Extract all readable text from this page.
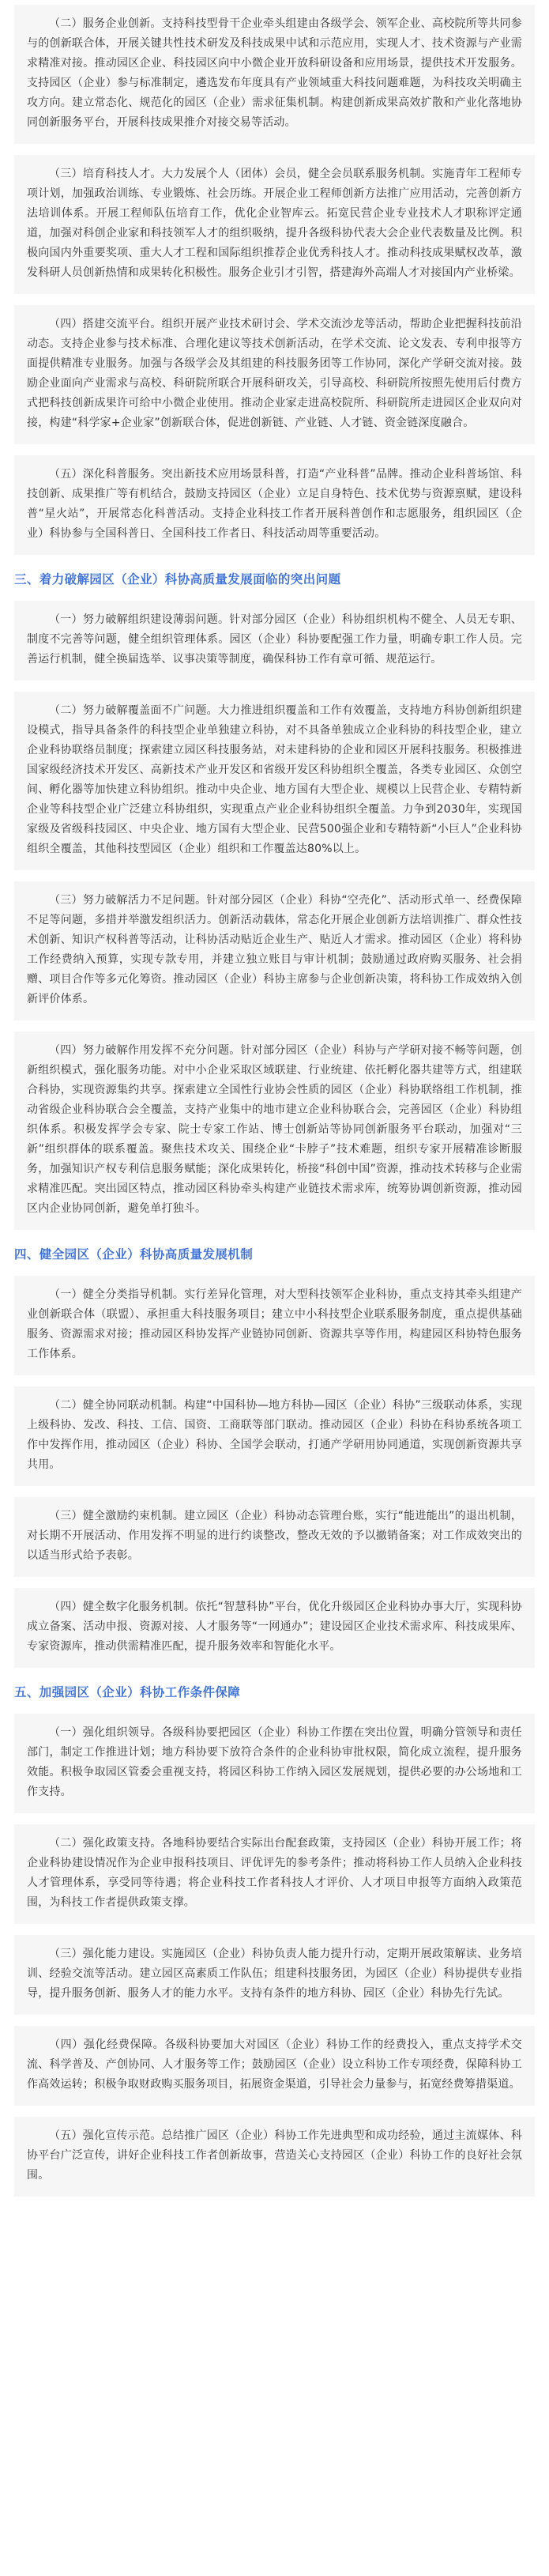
（二）服务企业创新。支持科技型骨干企业牵头组建由各级学会、领军企业、高校院所等共同参与的创新联合体，开展关键共性技术研发及科技成果中试和示范应用，实现人才、技术资源与产业需求精准对接。推动园区企业、科技园区向中小微企业开放科研设备和应用场景，提供技术开发服务。支持园区（企业）参与标准制定，遴选发布年度具有产业领域重大科技问题难题，为科技攻关明确主攻方向。建立常态化、规范化的园区（企业）需求征集机制。构建创新成果高效扩散和产业化落地协同创新服务平台，开展科技成果推介对接交易等活动。

（三）培育科技人才。大力发展个人（团体）会员，健全会员联系服务机制。实施青年工程师专项计划，加强政治训练、专业锻炼、社会历练。开展企业工程师创新方法推广应用活动，完善创新方法培训体系。开展工程师队伍培育工作，优化企业智库云。拓宽民营企业专业技术人才职称评定通道，加强对科创企业家和科技领军人才的组织吸纳，提升各级科协代表大会企业代表数量及比例。积极向国内外重要奖项、重大人才工程和国际组织推荐企业优秀科技人才。推动科技成果赋权改革，激发科研人员创新热情和成果转化积极性。服务企业引才引智，搭建海外高端人才对接国内产业桥梁。

（四）搭建交流平台。组织开展产业技术研讨会、学术交流沙龙等活动，帮助企业把握科技前沿动态。支持企业参与技术标准、合理化建议等技术创新活动，在学术交流、论文发表、专利申报等方面提供精准专业服务。加强与各级学会及其组建的科技服务团等工作协同，深化产学研交流对接。鼓励企业面向产业需求与高校、科研院所联合开展科研攻关，引导高校、科研院所按照先使用后付费方式把科技创新成果许可给中小微企业使用。推动企业家走进高校院所、科研院所走进园区企业双向对接，构建“科学家+企业家”创新联合体，促进创新链、产业链、人才链、资金链深度融合。

（五）深化科普服务。突出新技术应用场景科普，打造“产业科普”品牌。推动企业科普场馆、科技创新、成果推广等有机结合，鼓励支持园区（企业）立足自身特色、技术优势与资源禀赋，建设科普“星火站”，开展常态化科普活动。支持企业科技工作者开展科普创作和志愿服务，组织园区（企业）科协参与全国科普日、全国科技工作者日、科技活动周等重要活动。

三、着力破解园区（企业）科协高质量发展面临的突出问题

（一）努力破解组织建设薄弱问题。针对部分园区（企业）科协组织机构不健全、人员无专职、制度不完善等问题，健全组织管理体系。园区（企业）科协要配强工作力量，明确专职工作人员。完善运行机制，健全换届选举、议事决策等制度，确保科协工作有章可循、规范运行。

（二）努力破解覆盖面不广问题。大力推进组织覆盖和工作有效覆盖，支持地方科协创新组织建设模式，指导具备条件的科技型企业单独建立科协，对不具备单独成立企业科协的科技型企业，建立企业科协联络员制度；探索建立园区科技服务站，对未建科协的企业和园区开展科技服务。积极推进国家级经济技术开发区、高新技术产业开发区和省级开发区科协组织全覆盖，各类专业园区、众创空间、孵化器等加快建立科协组织。推动中央企业、地方国有大型企业、规模以上民营企业、专精特新企业等科技型企业广泛建立科协组织，实现重点产业企业科协组织全覆盖。力争到2030年，实现国家级及省级科技园区、中央企业、地方国有大型企业、民营500强企业和专精特新“小巨人”企业科协组织全覆盖，其他科技型园区（企业）组织和工作覆盖达80%以上。

（三）努力破解活力不足问题。针对部分园区（企业）科协“空壳化”、活动形式单一、经费保障不足等问题，多措并举激发组织活力。创新活动载体，常态化开展企业创新方法培训推广、群众性技术创新、知识产权科普等活动，让科协活动贴近企业生产、贴近人才需求。推动园区（企业）将科协工作经费纳入预算，实现专款专用，并建立独立账目与审计机制；鼓励通过政府购买服务、社会捐赠、项目合作等多元化筹资。推动园区（企业）科协主席参与企业创新决策，将科协工作成效纳入创新评价体系。

（四）努力破解作用发挥不充分问题。针对部分园区（企业）科协与产学研对接不畅等问题，创新组织模式，强化服务功能。对中小企业采取区域联建、行业统建、依托孵化器共建等方式，组建联合科协，实现资源集约共享。探索建立全国性行业协会性质的园区（企业）科协联络组工作机制，推动省级企业科协联合会全覆盖，支持产业集中的地市建立企业科协联合会，完善园区（企业）科协组织体系。积极发挥学会专家、院士专家工作站、博士创新站等协同创新服务平台联动，加强对“三新”组织群体的联系覆盖。聚焦技术攻关、围绕企业“卡脖子”技术难题，组织专家开展精准诊断服务，加强知识产权专利信息服务赋能；深化成果转化，桥接“科创中国”资源，推动技术转移与企业需求精准匹配。突出园区特点，推动园区科协牵头构建产业链技术需求库，统筹协调创新资源，推动园区内企业协同创新，避免单打独斗。

四、健全园区（企业）科协高质量发展机制

（一）健全分类指导机制。实行差异化管理，对大型科技领军企业科协，重点支持其牵头组建产业创新联合体（联盟）、承担重大科技服务项目；建立中小科技型企业联系服务制度，重点提供基础服务、资源需求对接；推动园区科协发挥产业链协同创新、资源共享等作用，构建园区科协特色服务工作体系。

（二）健全协同联动机制。构建“中国科协—地方科协—园区（企业）科协”三级联动体系，实现上级科协、发改、科技、工信、国资、工商联等部门联动。推动园区（企业）科协在科协系统各项工作中发挥作用，推动园区（企业）科协、全国学会联动，打通产学研用协同通道，实现创新资源共享共用。

（三）健全激励约束机制。建立园区（企业）科协动态管理台账，实行“能进能出”的退出机制，对长期不开展活动、作用发挥不明显的进行约谈整改，整改无效的予以撤销备案；对工作成效突出的以适当形式给予表彰。

（四）健全数字化服务机制。依托“智慧科协”平台，优化升级园区企业科协办事大厅，实现科协成立备案、活动申报、资源对接、人才服务等“一网通办”；建设园区企业技术需求库、科技成果库、专家资源库，推动供需精准匹配，提升服务效率和智能化水平。

五、加强园区（企业）科协工作条件保障

（一）强化组织领导。各级科协要把园区（企业）科协工作摆在突出位置，明确分管领导和责任部门，制定工作推进计划；地方科协要下放符合条件的企业科协审批权限，简化成立流程，提升服务效能。积极争取园区管委会重视支持，将园区科协工作纳入园区发展规划，提供必要的办公场地和工作支持。

（二）强化政策支持。各地科协要结合实际出台配套政策，支持园区（企业）科协开展工作；将企业科协建设情况作为企业申报科技项目、评优评先的参考条件；推动将科协工作人员纳入企业科技人才管理体系，享受同等待遇；将企业科技工作者科技人才评价、人才项目申报等方面纳入政策范围，为科技工作者提供政策支撑。

（三）强化能力建设。实施园区（企业）科协负责人能力提升行动，定期开展政策解读、业务培训、经验交流等活动。建立园区高素质工作队伍；组建科技服务团，为园区（企业）科协提供专业指导，提升服务创新、服务人才的能力水平。支持有条件的地方科协、园区（企业）科协先行先试。

（四）强化经费保障。各级科协要加大对园区（企业）科协工作的经费投入，重点支持学术交流、科学普及、产创协同、人才服务等工作；鼓励园区（企业）设立科协工作专项经费，保障科协工作高效运转；积极争取财政购买服务项目，拓展资金渠道，引导社会力量参与，拓宽经费筹措渠道。

（五）强化宣传示范。总结推广园区（企业）科协工作先进典型和成功经验，通过主流媒体、科协平台广泛宣传，讲好企业科技工作者创新故事，营造关心支持园区（企业）科协工作的良好社会氛围。
